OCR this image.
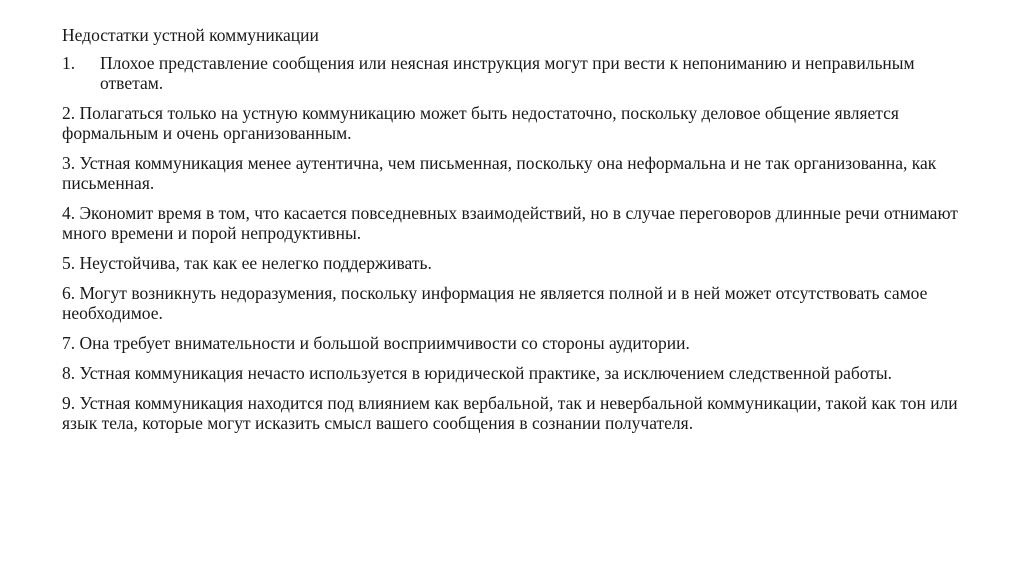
Недостатки устной коммуникации
1.	Плохое представление сообщения или неясная инструкция могут при вести к непониманию и неправильным ответам.
2. Полагаться только на устную коммуникацию может быть недостаточно, поскольку деловое общение является формальным и очень организованным.
3. Устная коммуникация менее аутентична, чем письменная, поскольку она неформальна и не так организованна, как письменная.
4. Экономит время в том, что касается повседневных взаимодействий, но в случае переговоров длинные речи отнимают много времени и порой непродуктивны.
5. Неустойчива, так как ее нелегко поддерживать.
6. Могут возникнуть недоразумения, поскольку информация не является полной и в ней может отсутствовать самое необходимое.
7. Она требует внимательности и большой восприимчивости со стороны аудитории.
8. Устная коммуникация нечасто используется в юридической практике, за исключением следственной работы.
9. Устная коммуникация находится под влиянием как вербальной, так и невербальной коммуникации, такой как тон или язык тела, которые могут исказить смысл вашего сообщения в сознании получателя.
